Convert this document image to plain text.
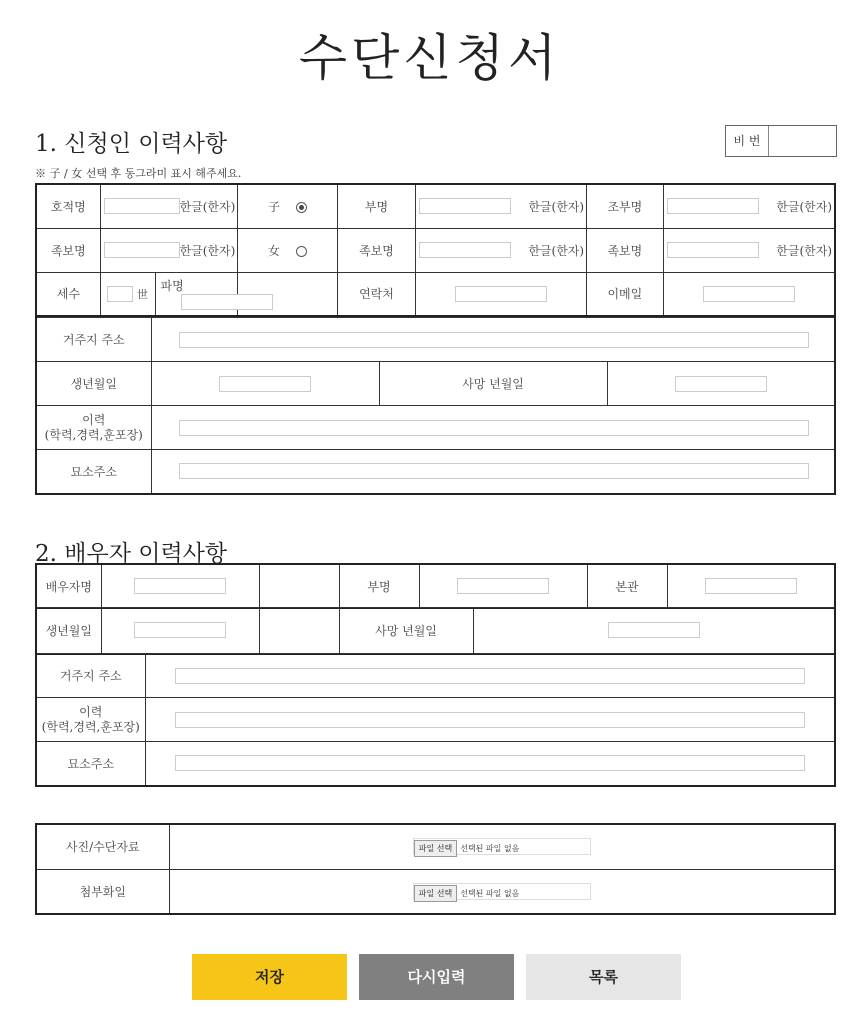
수단신청서
1. 신청인 이력사항
※ 子 / 女 선택 후 동그라미 표시 해주세요.
비 번
호적명	한글(한자)		子	부명	한글(한자)	조부명	한글(한자)

족보명	한글(한자)		女	족보명	한글(한자)	족보명	한글(한자)

세수	世	파명		연락처		이메일	
거주지 주소			
생년월일		사망 년월일	

이력
(학력,경력,훈포장)			

묘소주소			
2. 배우자 이력사항
배우자명			부명		본관	
생년월일			사망 년월일	
거주지 주소	

이력
(학력,경력,훈포장)	

묘소주소	
사진/수단자료	파일 선택 선택된 파일 없음
첨부화일	파일 선택 선택된 파일 없음
저장	다시입력	목록
